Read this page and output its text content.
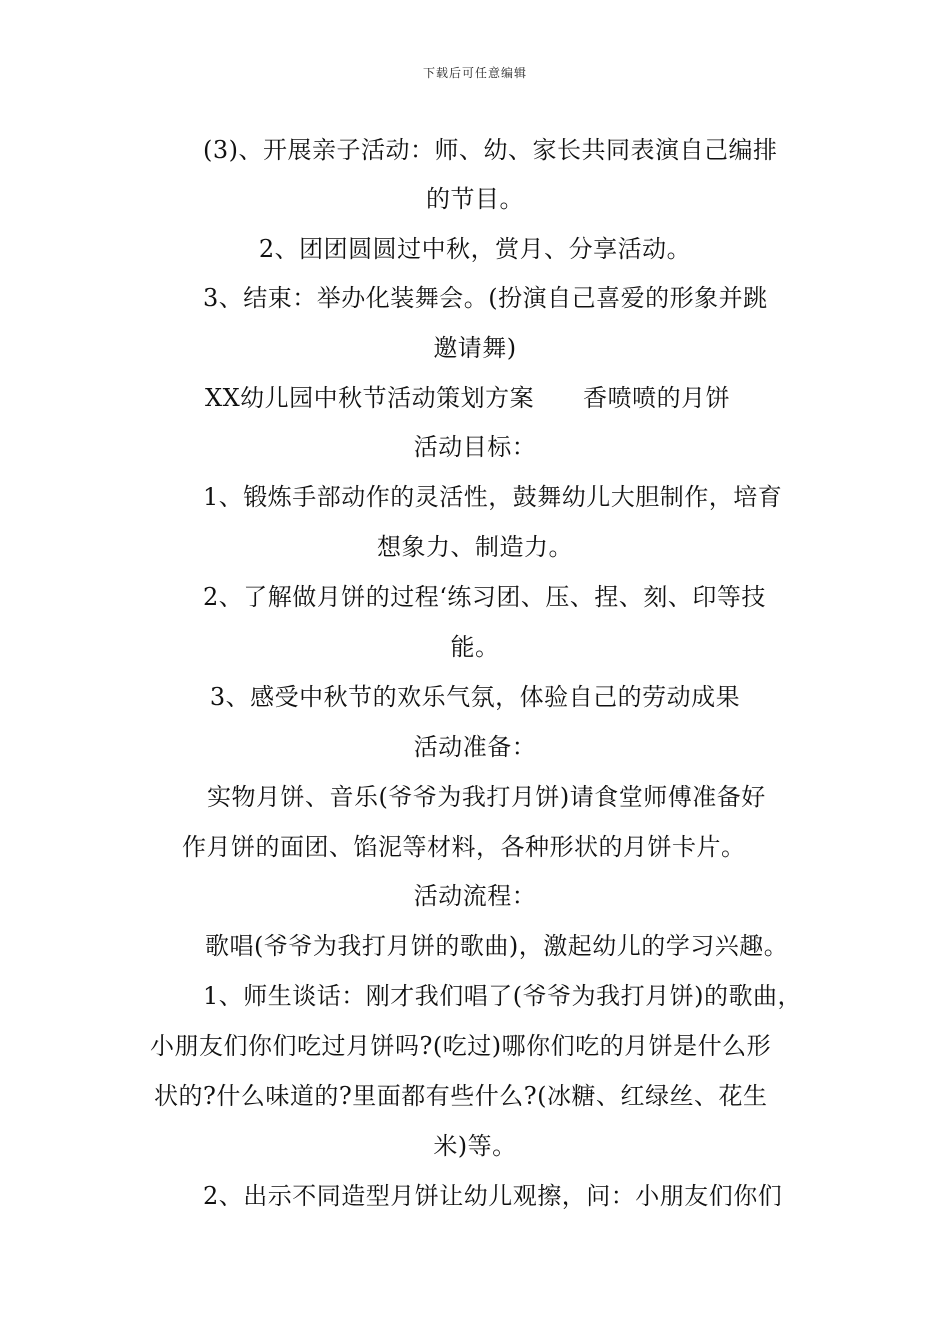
下载后可任意编辑
(3)、开展亲子活动：师、幼、家长共同表演自己编排
的节目。
2、团团圆圆过中秋，赏月、分享活动。
3、结束：举办化装舞会。(扮演自己喜爱的形象并跳
邀请舞)
XX幼儿园中秋节活动策划方案　　香喷喷的月饼
活动目标：
1、锻炼手部动作的灵活性，鼓舞幼儿大胆制作，培育
想象力、制造力。
2、了解做月饼的过程‘练习团、压、捏、刻、印等技
能。
3、感受中秋节的欢乐气氛，体验自己的劳动成果
活动准备：
实物月饼、音乐(爷爷为我打月饼)请食堂师傅准备好
作月饼的面团、馅泥等材料，各种形状的月饼卡片。
活动流程：
歌唱(爷爷为我打月饼的歌曲)，激起幼儿的学习兴趣。
1、师生谈话：刚才我们唱了(爷爷为我打月饼)的歌曲，
小朋友们你们吃过月饼吗?(吃过)哪你们吃的月饼是什么形
状的?什么味道的?里面都有些什么?(冰糖、红绿丝、花生
米)等。
2、出示不同造型月饼让幼儿观擦，问：小朋友们你们
